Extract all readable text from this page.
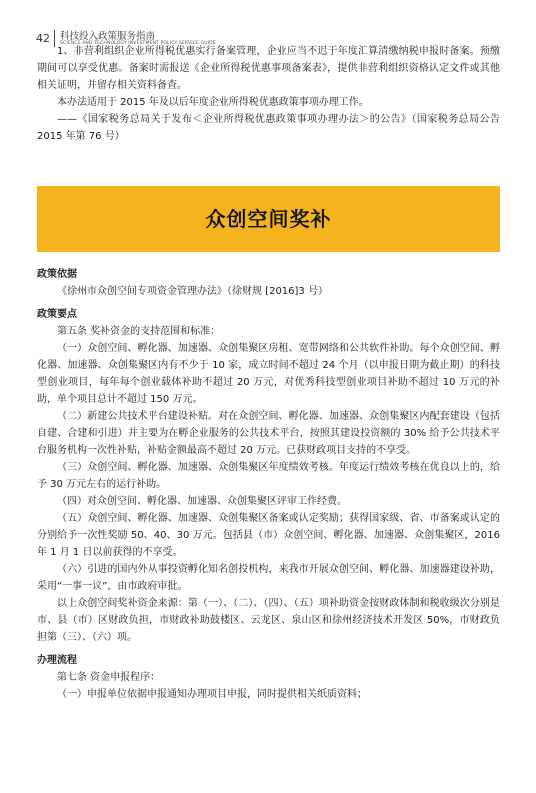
42 科技投入政策服务指南
SCIENCE AND TECHNOLOGY INVESTMENT POLICY SERVICE GUIDE

1、非营利组织企业所得税优惠实行备案管理，企业应当不迟于年度汇算清缴纳税申报时备案。预缴期间可以享受优惠。备案时需报送《企业所得税优惠事项备案表》，提供非营利组织资格认定文件或其他相关证明，并留存相关资料备查。

本办法适用于 2015 年及以后年度企业所得税优惠政策事项办理工作。

——《国家税务总局关于发布＜企业所得税优惠政策事项办理办法＞的公告》（国家税务总局公告 2015 年第 76 号）

众创空间奖补

政策依据

《徐州市众创空间专项资金管理办法》（徐财规 [2016]3 号）

政策要点

第五条 奖补资金的支持范围和标准：

（一）众创空间、孵化器、加速器、众创集聚区房租、宽带网络和公共软件补助。每个众创空间、孵化器、加速器、众创集聚区内有不少于 10 家，成立时间不超过 24 个月（以申报日期为截止期）的科技型创业项目，每年每个创业载体补助不超过 20 万元，对优秀科技型创业项目补助不超过 10 万元的补助，单个项目总计不超过 150 万元。

（二）新建公共技术平台建设补贴。对在众创空间、孵化器、加速器、众创集聚区内配套建设（包括自建、合建和引进）并主要为在孵企业服务的公共技术平台，按照其建设投资额的 30% 给予公共技术平台服务机构一次性补贴，补贴金额最高不超过 20 万元。已获财政项目支持的不享受。

（三）众创空间、孵化器、加速器、众创集聚区年度绩效考核。年度运行绩效考核在优良以上的，给予 30 万元左右的运行补助。

（四）对众创空间、孵化器、加速器、众创集聚区评审工作经费。

（五）众创空间、孵化器、加速器、众创集聚区备案或认定奖励；获得国家级、省、市备案或认定的分别给予一次性奖励 50、40、30 万元。包括县（市）众创空间、孵化器、加速器、众创集聚区，2016 年 1 月 1 日以前获得的不享受。

（六）引进的国内外从事投资孵化知名创投机构，来我市开展众创空间、孵化器、加速器建设补助，采用“一事一议”，由市政府审批。

以上众创空间奖补资金来源：第（一）、（二）、（四）、（五）项补助资金按财政体制和税收级次分别是市、县（市）区财政负担，市财政补助鼓楼区、云龙区、泉山区和徐州经济技术开发区 50%，市财政负担第（三）、（六）项。

办理流程

第七条 资金申报程序：

（一）申报单位依据申报通知办理项目申报，同时提供相关纸质资料；
